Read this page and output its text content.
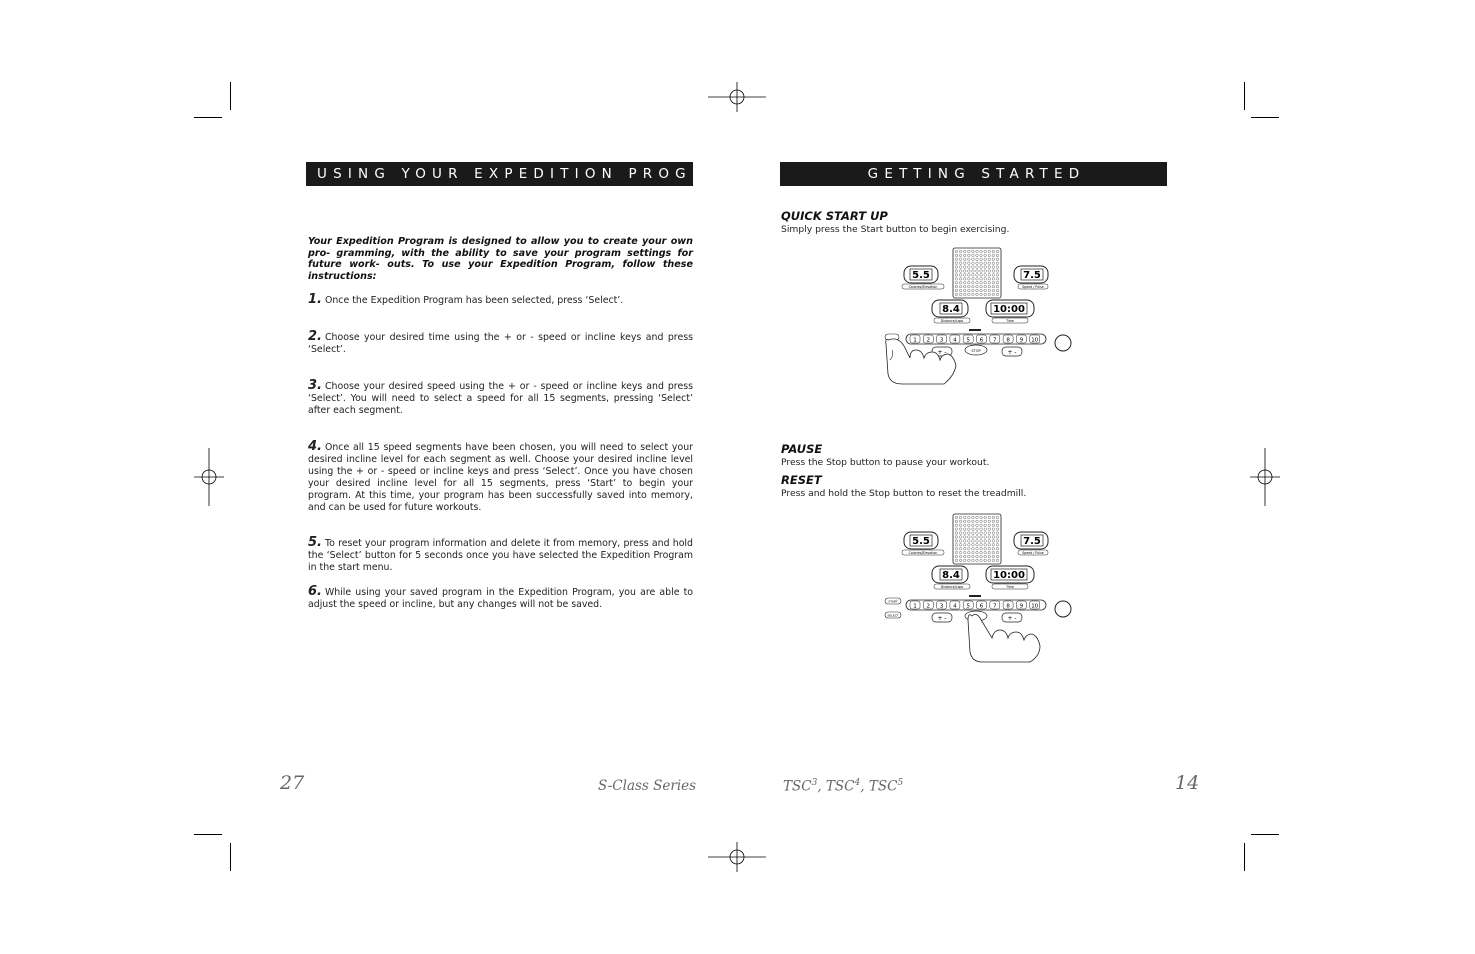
USING YOUR EXPEDITION PROGRAM
Your Expedition Program is designed to allow you to create your own pro- gramming, with the ability to save your program settings for future work- outs. To use your Expedition Program, follow these instructions:
1. Once the Expedition Program has been selected, press ‘Select’.
2. Choose your desired time using the + or - speed or incline keys and press ‘Select’.
3. Choose your desired speed using the + or - speed or incline keys and press ‘Select’. You will need to select a speed for all 15 segments, pressing ‘Select’ after each segment.
4. Once all 15 speed segments have been chosen, you will need to select your desired incline level for each segment as well. Choose your desired incline level using the + or - speed or incline keys and press ‘Select’. Once you have chosen your desired incline level for all 15 segments, press ‘Start’ to begin your program. At this time, your program has been successfully saved into memory, and can be used for future workouts.
5. To reset your program information and delete it from memory, press and hold the ‘Select’ button for 5 seconds once you have selected the Expedition Program in the start menu.
6. While using your saved program in the Expedition Program, you are able to adjust the speed or incline, but any changes will not be saved.
27	S-Class Series
GETTING STARTED
QUICK START UP
Simply press the Start button to begin exercising.
PAUSE
Press the Stop button to pause your workout.
RESET
Press and hold the Stop button to reset the treadmill.
5.5
Calories/Elevation
7.5
Speed / Pulse
8.4
Distance/Laps
10:00
Time
1 2 3 4 5 6 7 8 9 10
+ -	+ -
STOP
5.5
Calories/Elevation
7.5
Speed / Pulse
8.4
Distance/Laps
10:00
Time
1 2 3 4 5 6 7 8 9 10
+ -	+ -
START
SELECT
TSC$^3$, TSC$^4$, TSC$^5$	14
